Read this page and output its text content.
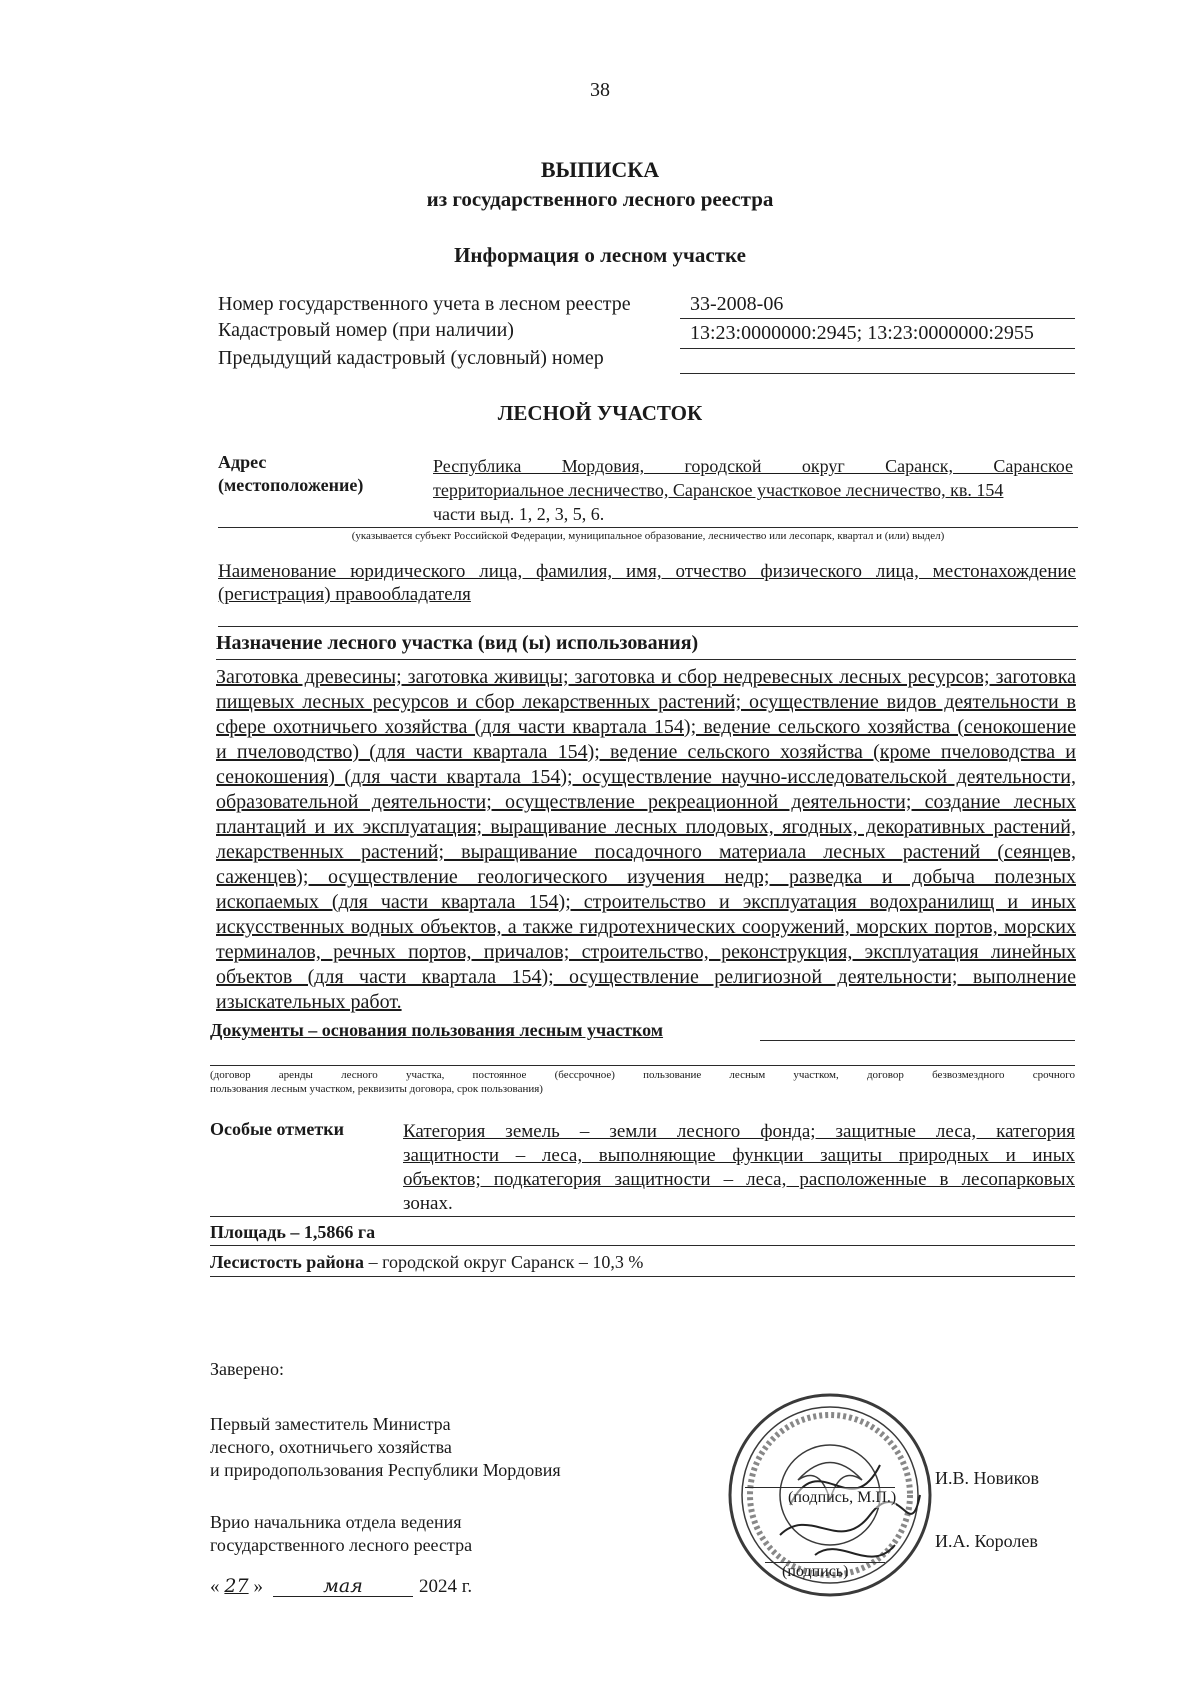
38
ВЫПИСКА
из государственного лесного реестра
Информация о лесном участке
Номер государственного учета в лесном реестре	33-2008-06
Кадастровый номер (при наличии)	13:23:0000000:2945; 13:23:0000000:2955
Предыдущий кадастровый (условный) номер
ЛЕСНОЙ УЧАСТОК
Адрес
(местоположение)
Республика Мордовия, городской округ Саранск, Саранское
территориальное лесничество, Саранское участковое лесничество, кв. 154
части выд. 1, 2, 3, 5, 6.
(указывается субъект Российской Федерации, муниципальное образование, лесничество или лесопарк, квартал и (или) выдел)
Наименование юридического лица, фамилия, имя, отчество физического лица, местонахождение
(регистрация) правообладателя
Назначение лесного участка (вид (ы) использования)
Заготовка древесины; заготовка живицы; заготовка и сбор недревесных лесных ресурсов; заготовка
пищевых лесных ресурсов и сбор лекарственных растений; осуществление видов деятельности в
сфере охотничьего хозяйства (для части квартала 154); ведение сельского хозяйства (сенокошение
и пчеловодство) (для части квартала 154); ведение сельского хозяйства (кроме пчеловодства и
сенокошения) (для части квартала 154); осуществление научно-исследовательской деятельности,
образовательной деятельности; осуществление рекреационной деятельности; создание лесных
плантаций и их эксплуатация; выращивание лесных плодовых, ягодных, декоративных растений,
лекарственных растений; выращивание посадочного материала лесных растений (сеянцев,
саженцев); осуществление геологического изучения недр; разведка и добыча полезных
ископаемых (для части квартала 154); строительство и эксплуатация водохранилищ и иных
искусственных водных объектов, а также гидротехнических сооружений, морских портов, морских
терминалов, речных портов, причалов; строительство, реконструкция, эксплуатация линейных
объектов (для части квартала 154); осуществление религиозной деятельности; выполнение
изыскательных работ.
Документы – основания пользования лесным участком
(договор аренды лесного участка, постоянное (бессрочное) пользование лесным участком, договор безвозмездного срочного
пользования лесным участком, реквизиты договора, срок пользования)
Особые отметки	Категория земель – земли лесного фонда; защитные леса, категория
защитности – леса, выполняющие функции защиты природных и иных
объектов; подкатегория защитности – леса, расположенные в лесопарковых
зонах.
Площадь – 1,5866 га
Лесистость района – городской округ Саранск – 10,3 %
Заверено:
Первый заместитель Министра
лесного, охотничьего хозяйства
и природопользования Республики Мордовия
Врио начальника отдела ведения
государственного лесного реестра
(подпись, М.П.)
И.В. Новиков
(подпись)
И.А. Королев
« 27 »	мая	2024 г.
